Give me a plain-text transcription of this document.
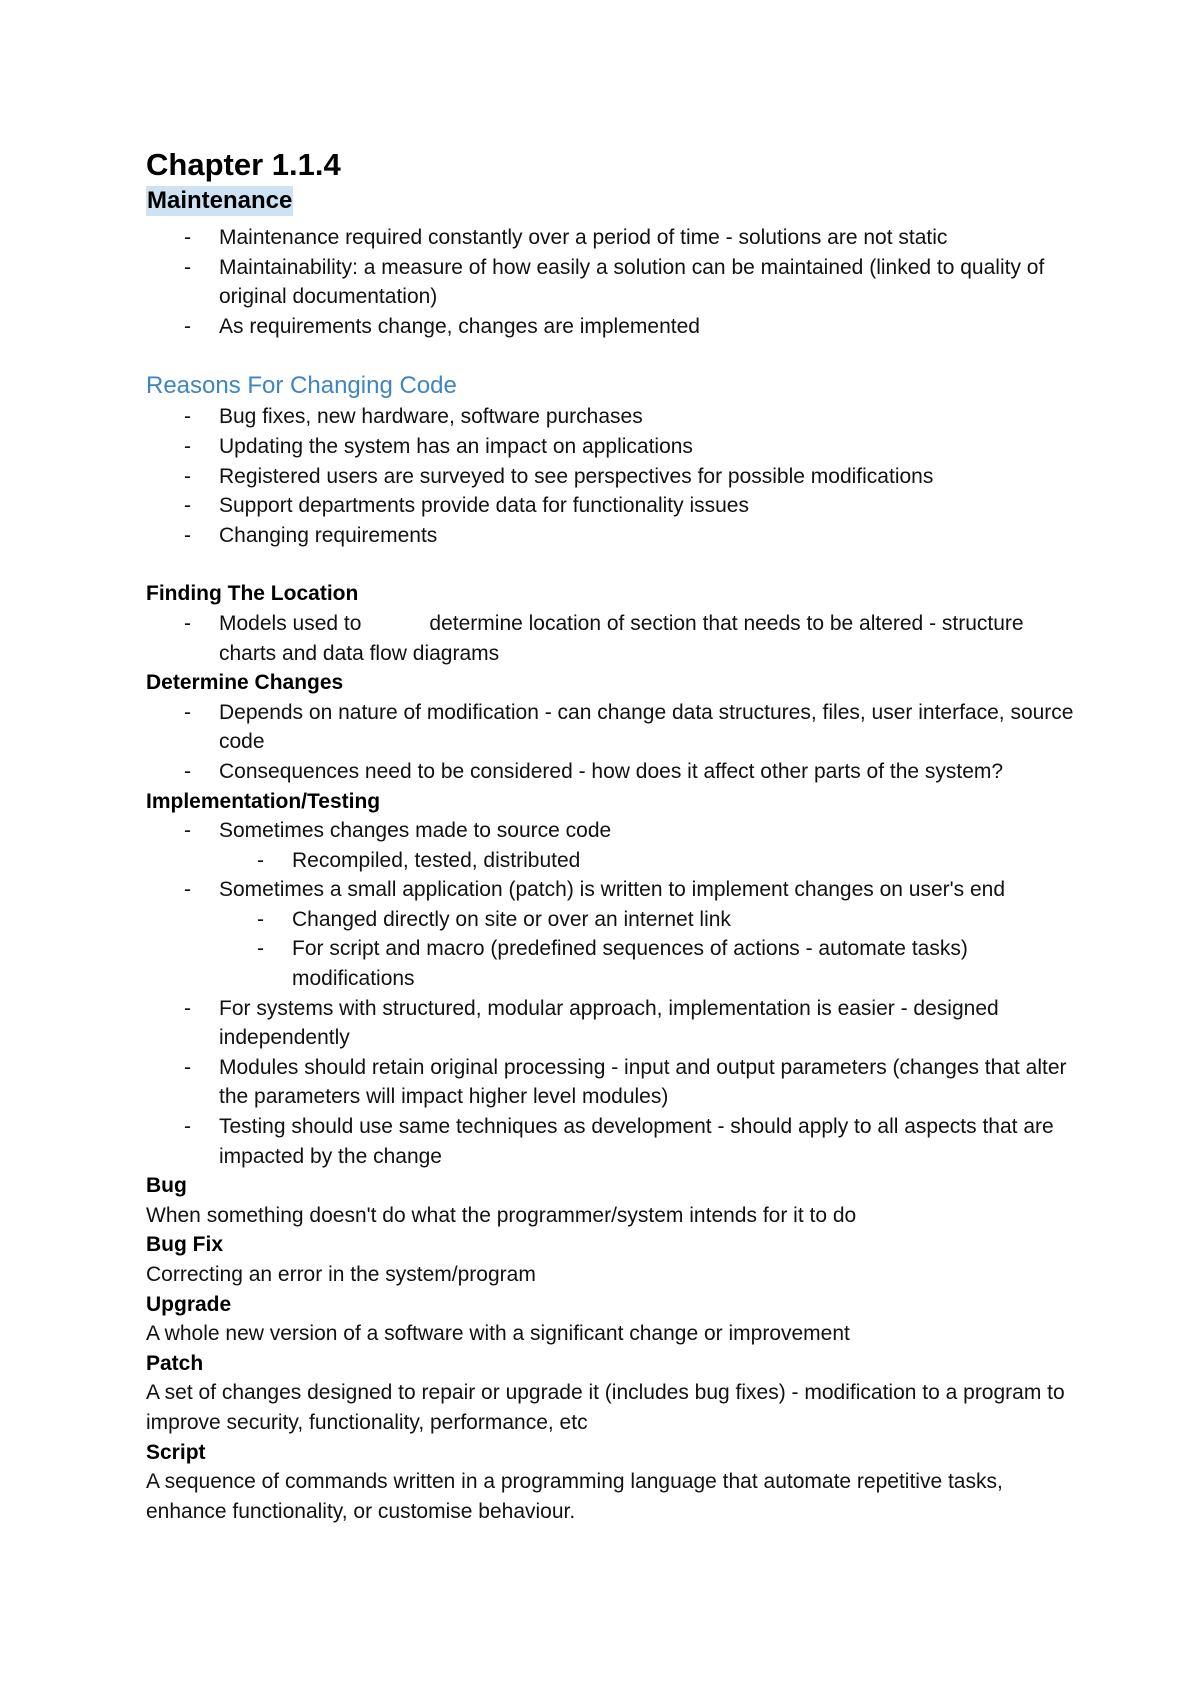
Chapter 1.1.4
Maintenance
- Maintenance required constantly over a period of time - solutions are not static
- Maintainability: a measure of how easily a solution can be maintained (linked to quality of original documentation)
- As requirements change, changes are implemented
Reasons For Changing Code
- Bug fixes, new hardware, software purchases
- Updating the system has an impact on applications
- Registered users are surveyed to see perspectives for possible modifications
- Support departments provide data for functionality issues
- Changing requirements
Finding The Location
- Models used to	determine location of section that needs to be altered - structure charts and data flow diagrams
Determine Changes
- Depends on nature of modification - can change data structures, files, user interface, source code
- Consequences need to be considered - how does it affect other parts of the system?
Implementation/Testing
- Sometimes changes made to source code
- Recompiled, tested, distributed
- Sometimes a small application (patch) is written to implement changes on user's end
- Changed directly on site or over an internet link
- For script and macro (predefined sequences of actions - automate tasks) modifications
- For systems with structured, modular approach, implementation is easier - designed independently
- Modules should retain original processing - input and output parameters (changes that alter the parameters will impact higher level modules)
- Testing should use same techniques as development - should apply to all aspects that are impacted by the change
Bug

When something doesn't do what the programmer/system intends for it to do

Bug Fix

Correcting an error in the system/program

Upgrade

A whole new version of a software with a significant change or improvement

Patch

A set of changes designed to repair or upgrade it (includes bug fixes) - modification to a program to improve security, functionality, performance, etc

Script

A sequence of commands written in a programming language that automate repetitive tasks, enhance functionality, or customise behaviour.
